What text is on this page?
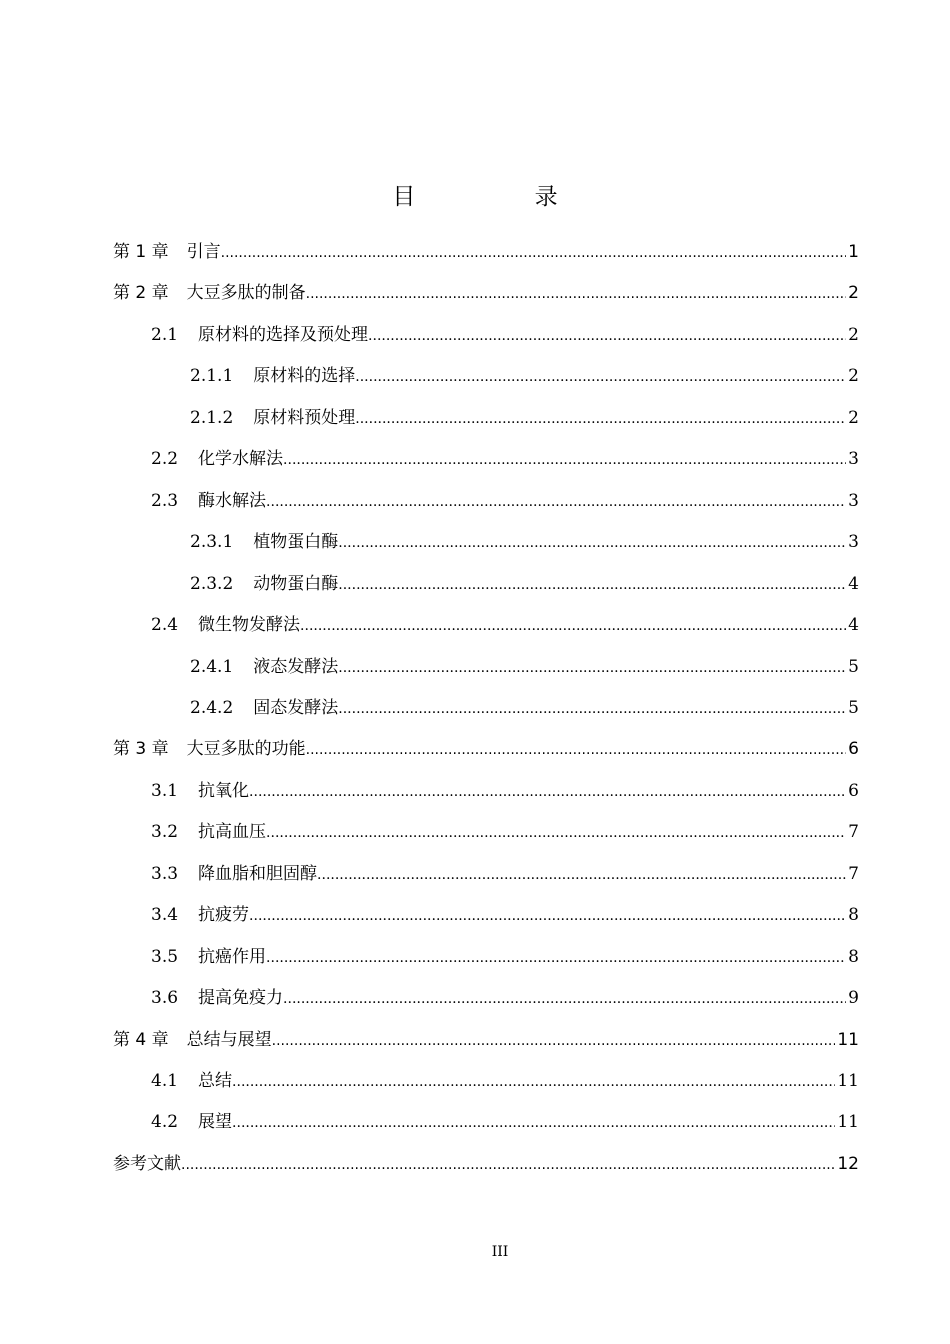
目 录
第 1 章 引言 .....	1
第 2 章 大豆多肽的制备 .....	2
2.1 原材料的选择及预处理 .....	2
2.1.1 原材料的选择 .....	2
2.1.2 原材料预处理 .....	2
2.2 化学水解法 .....	3
2.3 酶水解法 .....	3
2.3.1 植物蛋白酶 .....	3
2.3.2 动物蛋白酶 .....	4
2.4 微生物发酵法 .....	4
2.4.1 液态发酵法 .....	5
2.4.2 固态发酵法 .....	5
第 3 章 大豆多肽的功能 .....	6
3.1 抗氧化 .....	6
3.2 抗高血压 .....	7
3.3 降血脂和胆固醇 .....	7
3.4 抗疲劳 .....	8
3.5 抗癌作用 .....	8
3.6 提高免疫力 .....	9
第 4 章 总结与展望 .....	11
4.1 总结 .....	11
4.2 展望 .....	11
参考文献 .....	12
III
